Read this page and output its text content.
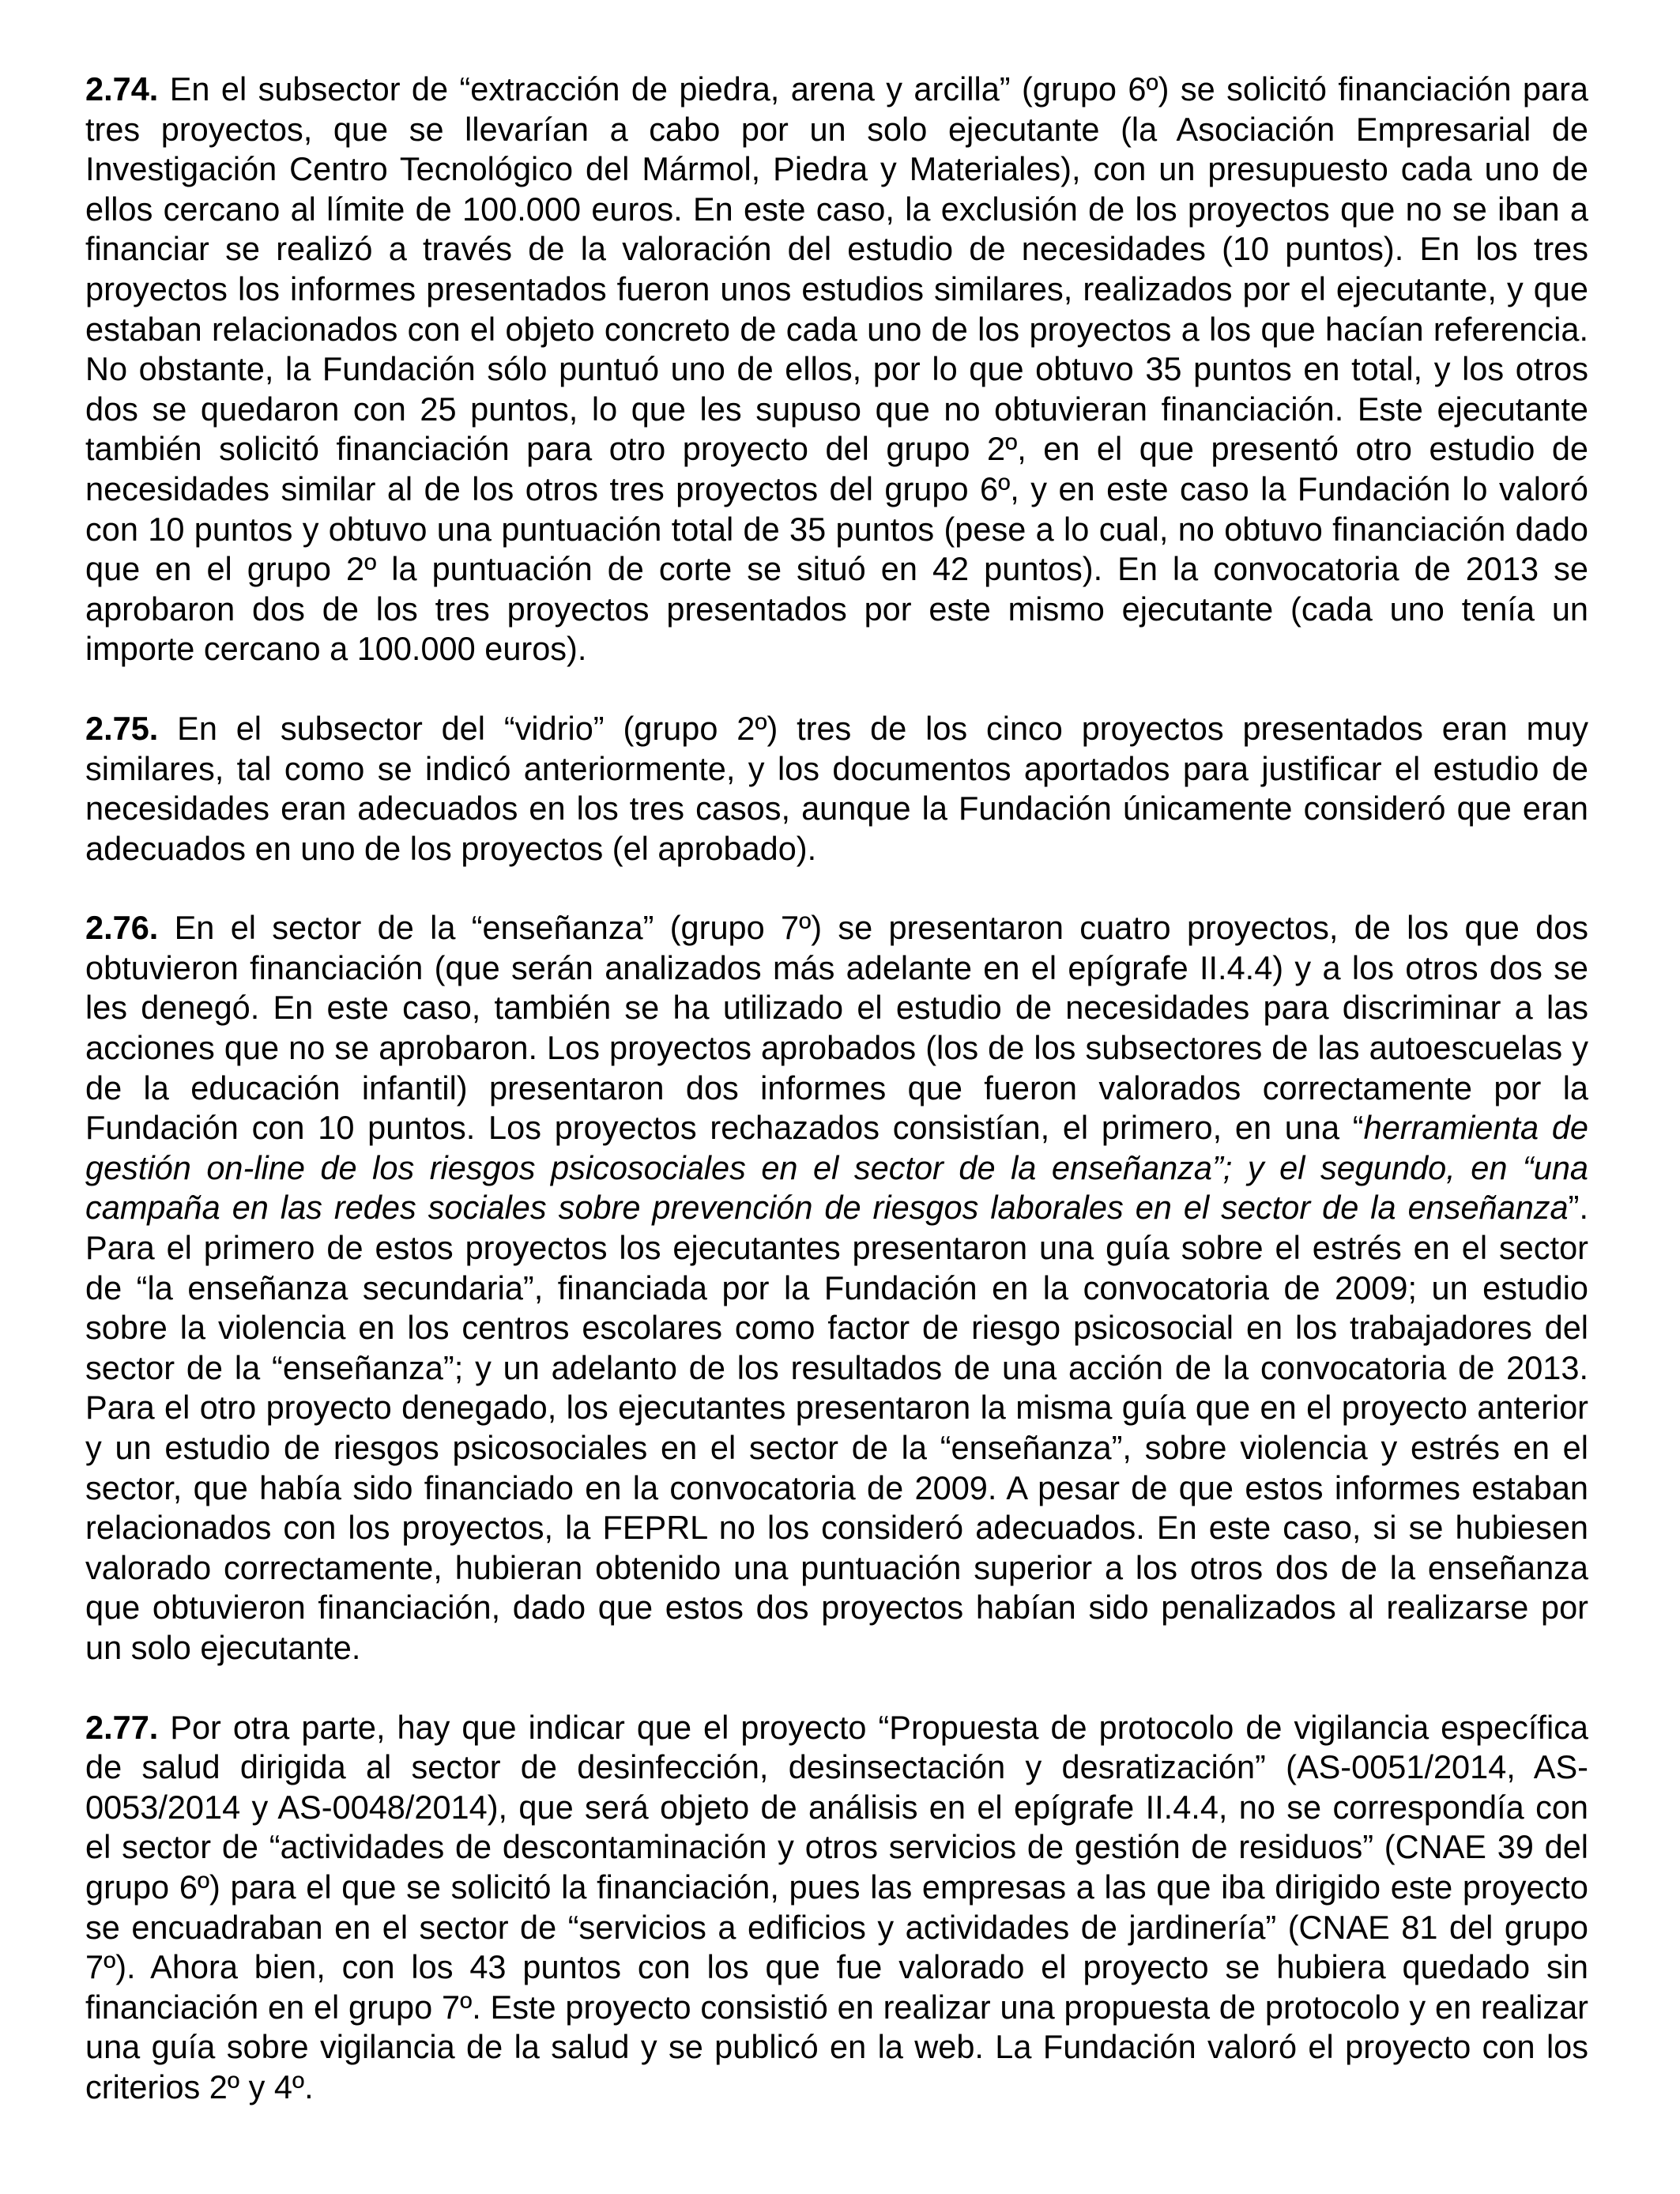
2.74. En el subsector de “extracción de piedra, arena y arcilla” (grupo 6º) se solicitó financiación para tres proyectos, que se llevarían a cabo por un solo ejecutante (la Asociación Empresarial de Investigación Centro Tecnológico del Mármol, Piedra y Materiales), con un presupuesto cada uno de ellos cercano al límite de 100.000 euros. En este caso, la exclusión de los proyectos que no se iban a financiar se realizó a través de la valoración del estudio de necesidades (10 puntos). En los tres proyectos los informes presentados fueron unos estudios similares, realizados por el ejecutante, y que estaban relacionados con el objeto concreto de cada uno de los proyectos a los que hacían referencia. No obstante, la Fundación sólo puntuó uno de ellos, por lo que obtuvo 35 puntos en total, y los otros dos se quedaron con 25 puntos, lo que les supuso que no obtuvieran financiación. Este ejecutante también solicitó financiación para otro proyecto del grupo 2º, en el que presentó otro estudio de necesidades similar al de los otros tres proyectos del grupo 6º, y en este caso la Fundación lo valoró con 10 puntos y obtuvo una puntuación total de 35 puntos (pese a lo cual, no obtuvo financiación dado que en el grupo 2º la puntuación de corte se situó en 42 puntos). En la convocatoria de 2013 se aprobaron dos de los tres proyectos presentados por este mismo ejecutante (cada uno tenía un importe cercano a 100.000 euros).

2.75. En el subsector del “vidrio” (grupo 2º) tres de los cinco proyectos presentados eran muy similares, tal como se indicó anteriormente, y los documentos aportados para justificar el estudio de necesidades eran adecuados en los tres casos, aunque la Fundación únicamente consideró que eran adecuados en uno de los proyectos (el aprobado).

2.76. En el sector de la “enseñanza” (grupo 7º) se presentaron cuatro proyectos, de los que dos obtuvieron financiación (que serán analizados más adelante en el epígrafe II.4.4) y a los otros dos se les denegó. En este caso, también se ha utilizado el estudio de necesidades para discriminar a las acciones que no se aprobaron. Los proyectos aprobados (los de los subsectores de las autoescuelas y de la educación infantil) presentaron dos informes que fueron valorados correctamente por la Fundación con 10 puntos. Los proyectos rechazados consistían, el primero, en una “herramienta de gestión on-line de los riesgos psicosociales en el sector de la enseñanza”; y el segundo, en “una campaña en las redes sociales sobre prevención de riesgos laborales en el sector de la enseñanza”. Para el primero de estos proyectos los ejecutantes presentaron una guía sobre el estrés en el sector de “la enseñanza secundaria”, financiada por la Fundación en la convocatoria de 2009; un estudio sobre la violencia en los centros escolares como factor de riesgo psicosocial en los trabajadores del sector de la “enseñanza”; y un adelanto de los resultados de una acción de la convocatoria de 2013. Para el otro proyecto denegado, los ejecutantes presentaron la misma guía que en el proyecto anterior y un estudio de riesgos psicosociales en el sector de la “enseñanza”, sobre violencia y estrés en el sector, que había sido financiado en la convocatoria de 2009. A pesar de que estos informes estaban relacionados con los proyectos, la FEPRL no los consideró adecuados. En este caso, si se hubiesen valorado correctamente, hubieran obtenido una puntuación superior a los otros dos de la enseñanza que obtuvieron financiación, dado que estos dos proyectos habían sido penalizados al realizarse por un solo ejecutante.

2.77. Por otra parte, hay que indicar que el proyecto “Propuesta de protocolo de vigilancia específica de salud dirigida al sector de desinfección, desinsectación y desratización” (AS-0051/2014, AS-0053/2014 y AS-0048/2014), que será objeto de análisis en el epígrafe II.4.4, no se correspondía con el sector de “actividades de descontaminación y otros servicios de gestión de residuos” (CNAE 39 del grupo 6º) para el que se solicitó la financiación, pues las empresas a las que iba dirigido este proyecto se encuadraban en el sector de “servicios a edificios y actividades de jardinería” (CNAE 81 del grupo 7º). Ahora bien, con los 43 puntos con los que fue valorado el proyecto se hubiera quedado sin financiación en el grupo 7º. Este proyecto consistió en realizar una propuesta de protocolo y en realizar una guía sobre vigilancia de la salud y se publicó en la web. La Fundación valoró el proyecto con los criterios 2º y 4º.
